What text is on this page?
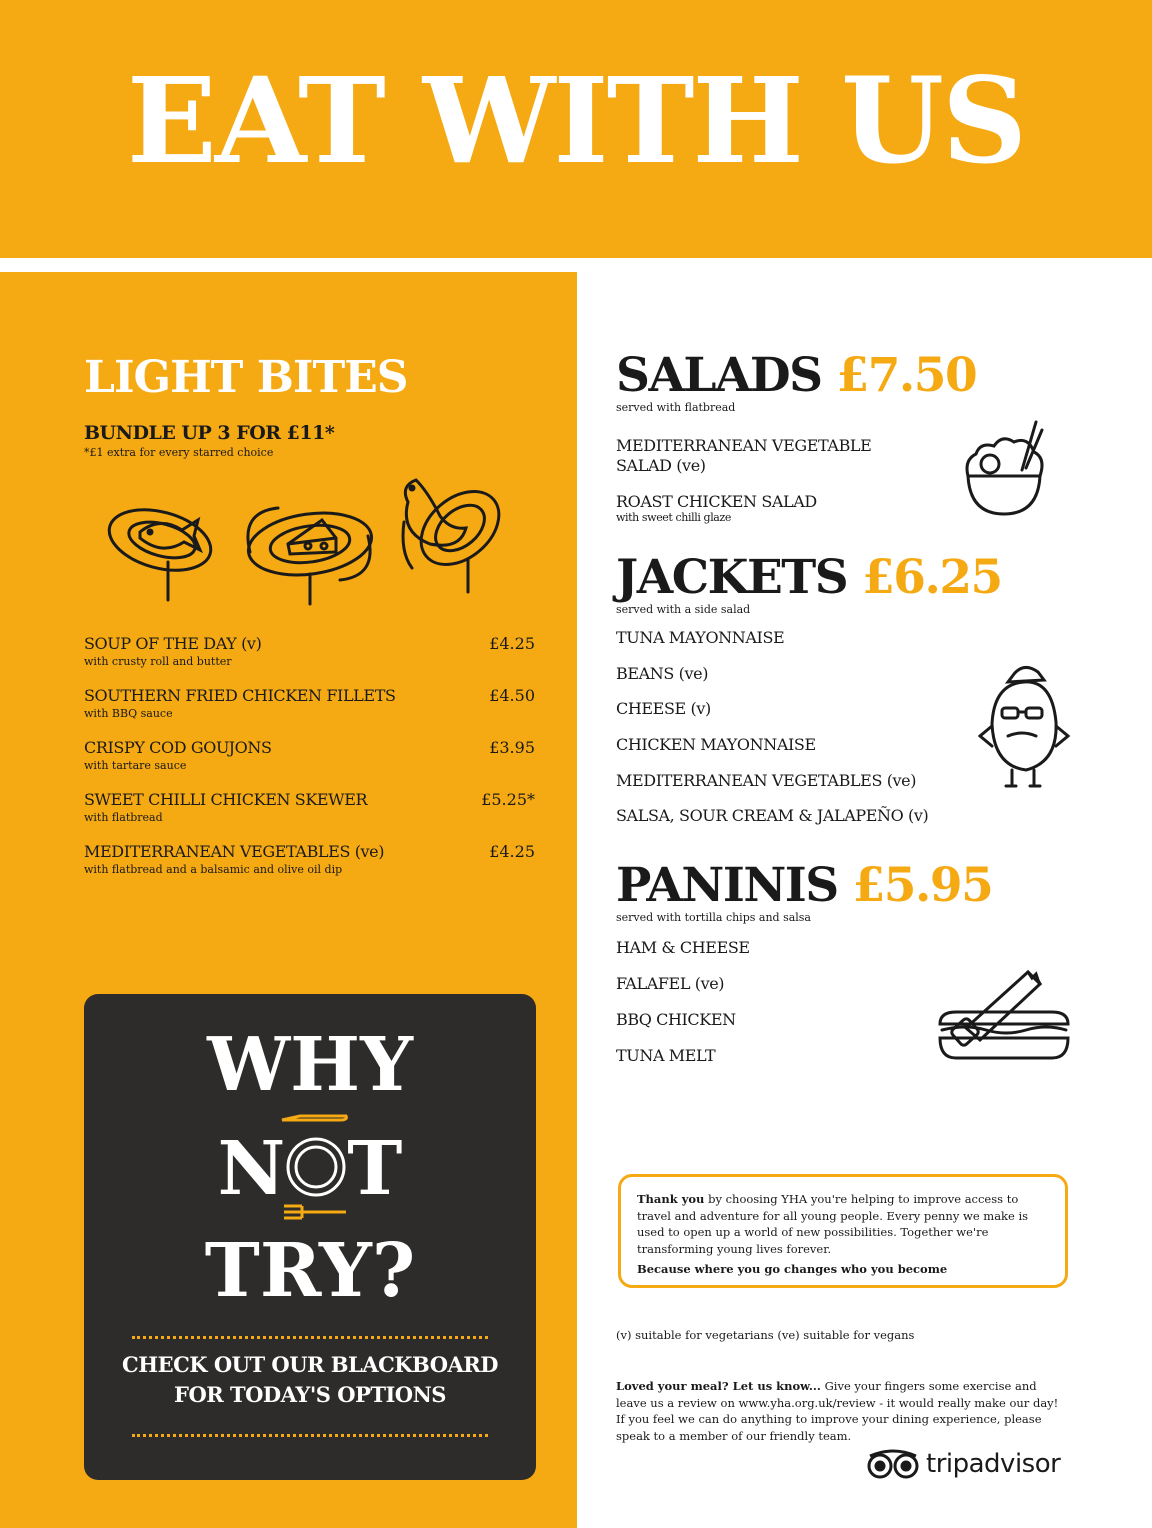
EAT WITH US
LIGHT BITES
BUNDLE UP 3 FOR £11*
*£1 extra for every starred choice
SOUP OF THE DAY (v)
with crusty roll and butter
£4.25
SOUTHERN FRIED CHICKEN FILLETS
with BBQ sauce
£4.50
CRISPY COD GOUJONS
with tartare sauce
£3.95
SWEET CHILLI CHICKEN SKEWER
with flatbread
£5.25*
MEDITERRANEAN VEGETABLES (ve)
with flatbread and a balsamic and olive oil dip
£4.25
WHY
N T
TRY?
CHECK OUT OUR BLACKBOARD
FOR TODAY'S OPTIONS
SALADS £7.50
served with flatbread
MEDITERRANEAN VEGETABLE
SALAD (ve)
ROAST CHICKEN SALAD
with sweet chilli glaze
JACKETS £6.25
served with a side salad
TUNA MAYONNAISE
BEANS (ve)
CHEESE (v)
CHICKEN MAYONNAISE
MEDITERRANEAN VEGETABLES (ve)
SALSA, SOUR CREAM & JALAPEÑO (v)
PANINIS £5.95
served with tortilla chips and salsa
HAM & CHEESE
FALAFEL (ve)
BBQ CHICKEN
TUNA MELT
Thank you by choosing YHA you're helping to improve access to travel and adventure for all young people. Every penny we make is used to open up a world of new possibilities. Together we're transforming young lives forever.
Because where you go changes who you become
(v) suitable for vegetarians (ve) suitable for vegans
Loved your meal? Let us know... Give your fingers some exercise and leave us a review on www.yha.org.uk/review - it would really make our day! If you feel we can do anything to improve your dining experience, please speak to a member of our friendly team.
tripadvisor
